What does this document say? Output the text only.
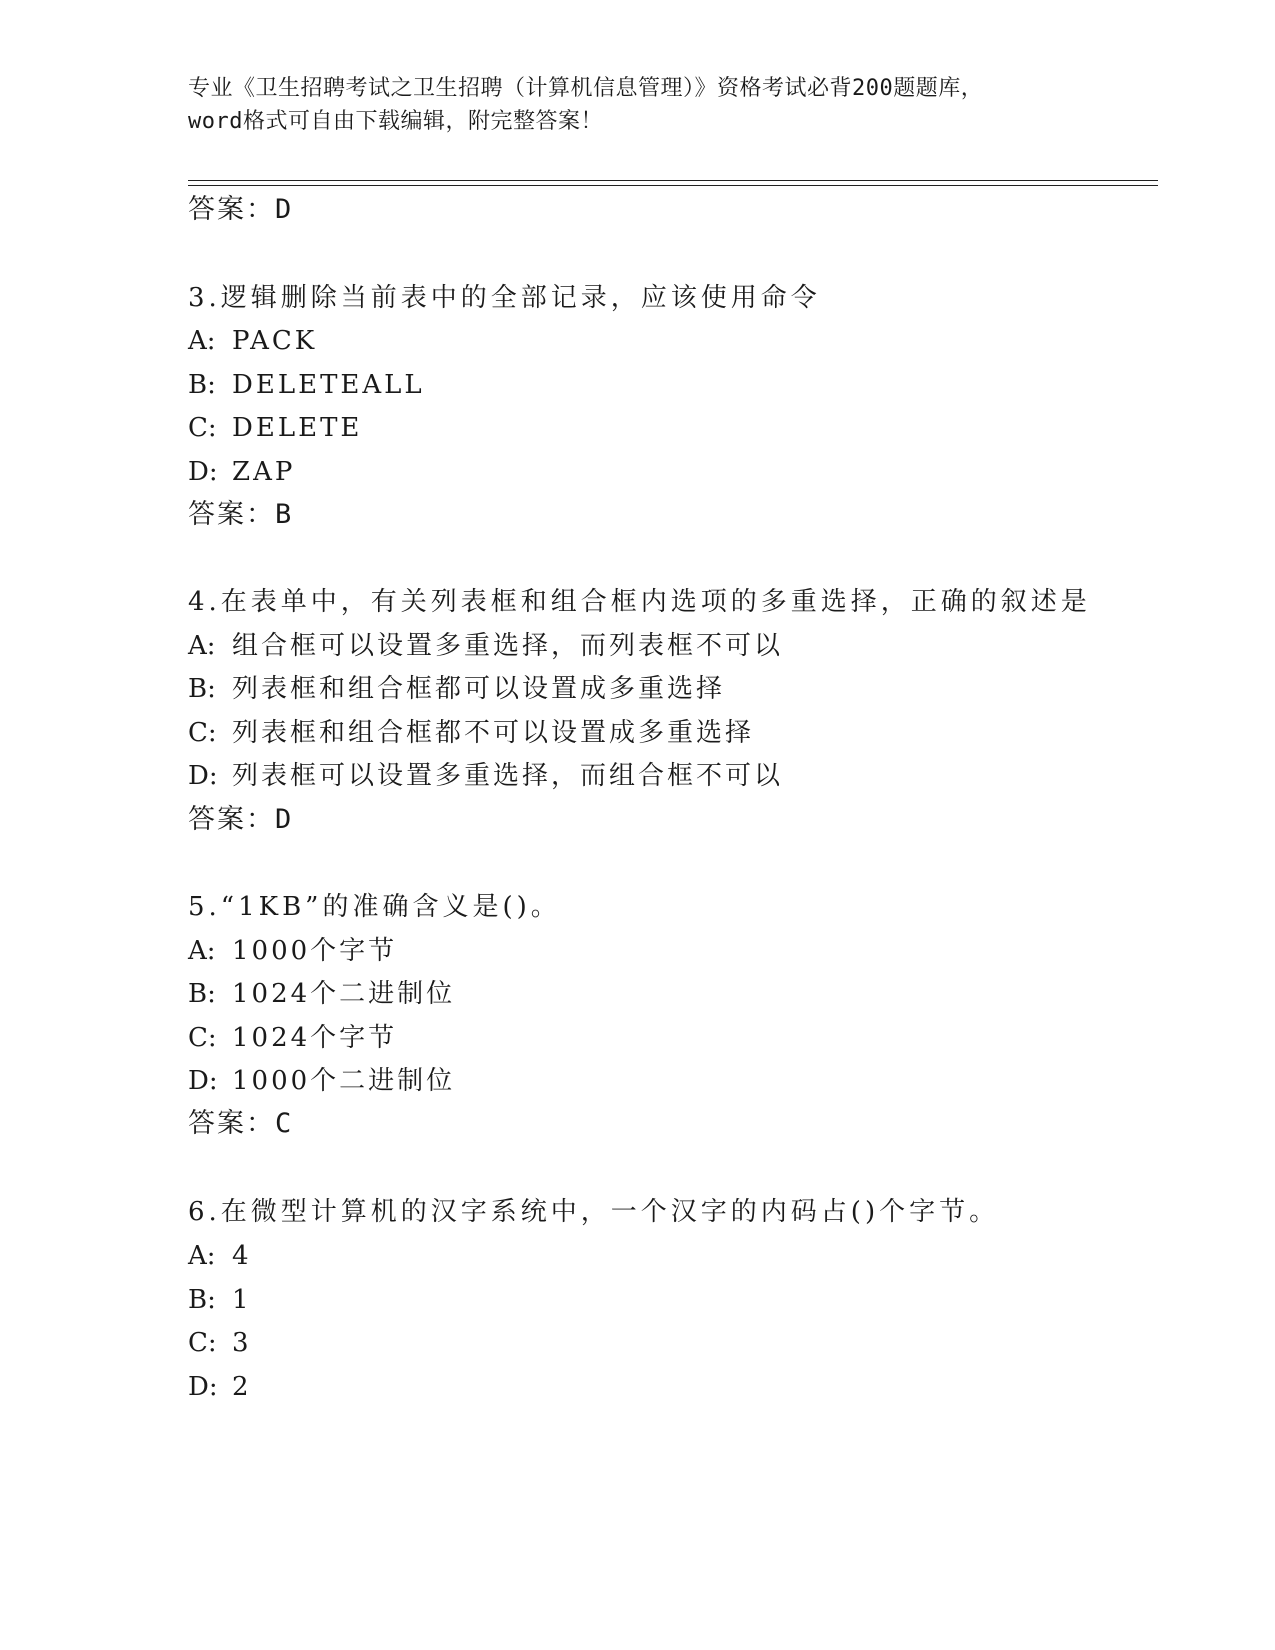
专业《卫生招聘考试之卫生招聘（计算机信息管理）》资格考试必背200题题库，
word格式可自由下载编辑，附完整答案！
答案：D
3.逻辑删除当前表中的全部记录，应该使用命令
A: PACK
B: DELETEALL
C: DELETE
D: ZAP
答案：B
4.在表单中，有关列表框和组合框内选项的多重选择，正确的叙述是
A: 组合框可以设置多重选择，而列表框不可以
B: 列表框和组合框都可以设置成多重选择
C: 列表框和组合框都不可以设置成多重选择
D: 列表框可以设置多重选择，而组合框不可以
答案：D
5.“1KB”的准确含义是()。
A: 1000个字节
B: 1024个二进制位
C: 1024个字节
D: 1000个二进制位
答案：C
6.在微型计算机的汉字系统中，一个汉字的内码占()个字节。
A: 4
B: 1
C: 3
D: 2
